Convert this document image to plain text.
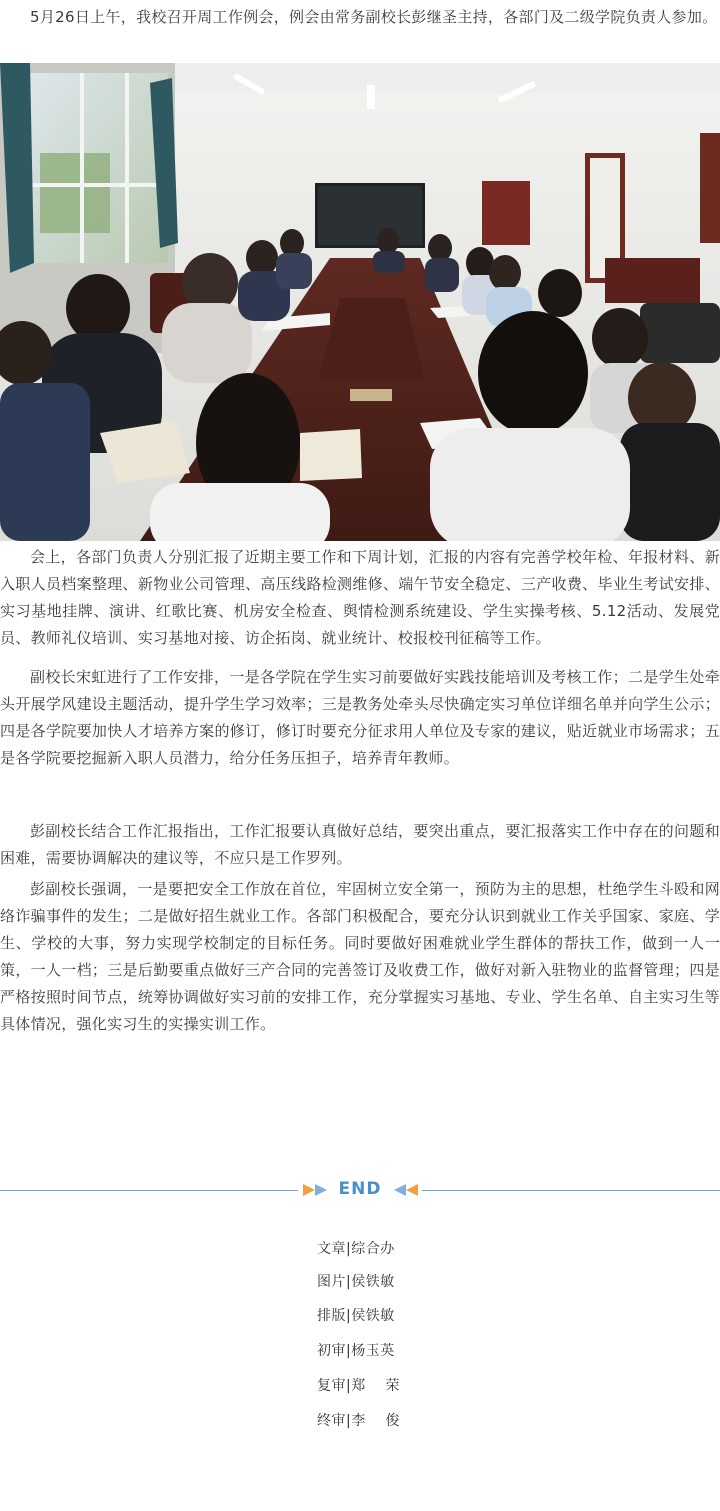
5月26日上午，我校召开周工作例会，例会由常务副校长彭继圣主持，各部门及二级学院负责人参加。

会上，各部门负责人分别汇报了近期主要工作和下周计划，汇报的内容有完善学校年检、年报材料、新入职人员档案整理、新物业公司管理、高压线路检测维修、端午节安全稳定、三产收费、毕业生考试安排、实习基地挂牌、演讲、红歌比赛、机房安全检查、舆情检测系统建设、学生实操考核、5.12活动、发展党员、教师礼仪培训、实习基地对接、访企拓岗、就业统计、校报校刊征稿等工作。

副校长宋虹进行了工作安排，一是各学院在学生实习前要做好实践技能培训及考核工作；二是学生处牵头开展学风建设主题活动，提升学生学习效率；三是教务处牵头尽快确定实习单位详细名单并向学生公示；四是各学院要加快人才培养方案的修订，修订时要充分征求用人单位及专家的建议，贴近就业市场需求；五是各学院要挖掘新入职人员潜力，给分任务压担子，培养青年教师。

彭副校长结合工作汇报指出，工作汇报要认真做好总结，要突出重点，要汇报落实工作中存在的问题和困难，需要协调解决的建议等，不应只是工作罗列。

彭副校长强调，一是要把安全工作放在首位，牢固树立安全第一，预防为主的思想，杜绝学生斗殴和网络诈骗事件的发生；二是做好招生就业工作。各部门积极配合，要充分认识到就业工作关乎国家、家庭、学生、学校的大事，努力实现学校制定的目标任务。同时要做好困难就业学生群体的帮扶工作，做到一人一策，一人一档；三是后勤要重点做好三产合同的完善签订及收费工作，做好对新入驻物业的监督管理；四是严格按照时间节点，统筹协调做好实习前的安排工作，充分掌握实习基地、专业、学生名单、自主实习生等具体情况，强化实习生的实操实训工作。

END
文章|综合办
图片|侯铁敏
排版|侯铁敏
初审|杨玉英
复审|郑    荣
终审|李    俊
